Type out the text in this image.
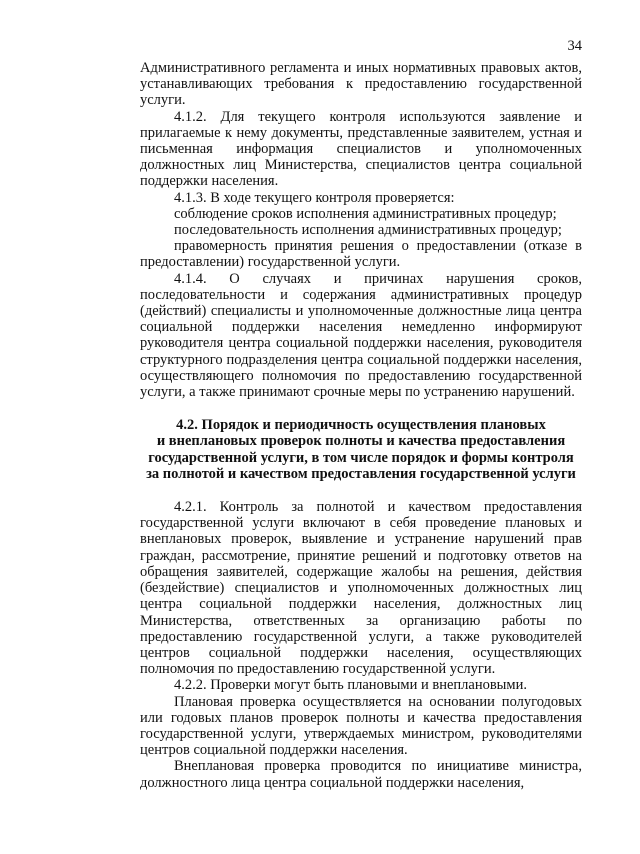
34

Административного регламента и иных нормативных правовых актов, устанавливающих требования к предоставлению государственной услуги.

4.1.2. Для текущего контроля используются заявление и прилагаемые к нему документы, представленные заявителем, устная и письменная информация специалистов и уполномоченных должностных лиц Министерства, специалистов центра социальной поддержки населения.

4.1.3. В ходе текущего контроля проверяется:

соблюдение сроков исполнения административных процедур;

последовательность исполнения административных процедур;

правомерность принятия решения о предоставлении (отказе в предоставлении) государственной услуги.

4.1.4. О случаях и причинах нарушения сроков, последовательности и содержания административных процедур (действий) специалисты и уполномоченные должностные лица центра социальной поддержки населения немедленно информируют руководителя центра социальной поддержки населения, руководителя структурного подразделения центра социальной поддержки населения, осуществляющего полномочия по предоставлению государственной услуги, а также принимают срочные меры по устранению нарушений.

4.2. Порядок и периодичность осуществления плановых
и внеплановых проверок полноты и качества предоставления
государственной услуги, в том числе порядок и формы контроля
за полнотой и качеством предоставления государственной услуги

4.2.1. Контроль за полнотой и качеством предоставления государственной услуги включают в себя проведение плановых и внеплановых проверок, выявление и устранение нарушений прав граждан, рассмотрение, принятие решений и подготовку ответов на обращения заявителей, содержащие жалобы на решения, действия (бездействие) специалистов и уполномоченных должностных лиц центра социальной поддержки населения, должностных лиц Министерства, ответственных за организацию работы по предоставлению государственной услуги, а также руководителей центров социальной поддержки населения, осуществляющих полномочия по предоставлению государственной услуги.

4.2.2. Проверки могут быть плановыми и внеплановыми.

Плановая проверка осуществляется на основании полугодовых или годовых планов проверок полноты и качества предоставления государственной услуги, утверждаемых министром, руководителями центров социальной поддержки населения.

Внеплановая проверка проводится по инициативе министра, должностного лица центра социальной поддержки населения,
